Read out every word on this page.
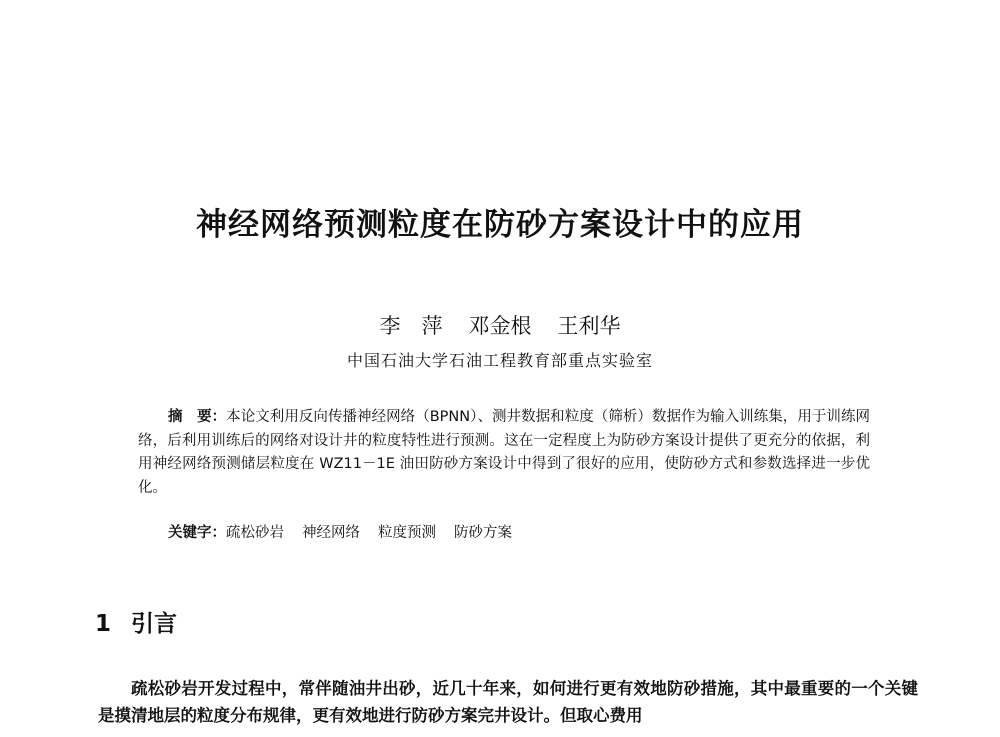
神经网络预测粒度在防砂方案设计中的应用
李　萍 邓金根 王利华
中国石油大学石油工程教育部重点实验室
摘　要：本论文利用反向传播神经网络（BPNN）、测井数据和粒度（筛析）数据作为输入训练集，用于训练网络，后利用训练后的网络对设计井的粒度特性进行预测。这在一定程度上为防砂方案设计提供了更充分的依据，利用神经网络预测储层粒度在 WZ11－1E 油田防砂方案设计中得到了很好的应用，使防砂方式和参数选择进一步优化。
关键字：疏松砂岩 神经网络 粒度预测 防砂方案
1 引言
疏松砂岩开发过程中，常伴随油井出砂，近几十年来，如何进行更有效地防砂措施，其中最重要的一个关键是摸清地层的粒度分布规律，更有效地进行防砂方案完井设计。但取心费用
